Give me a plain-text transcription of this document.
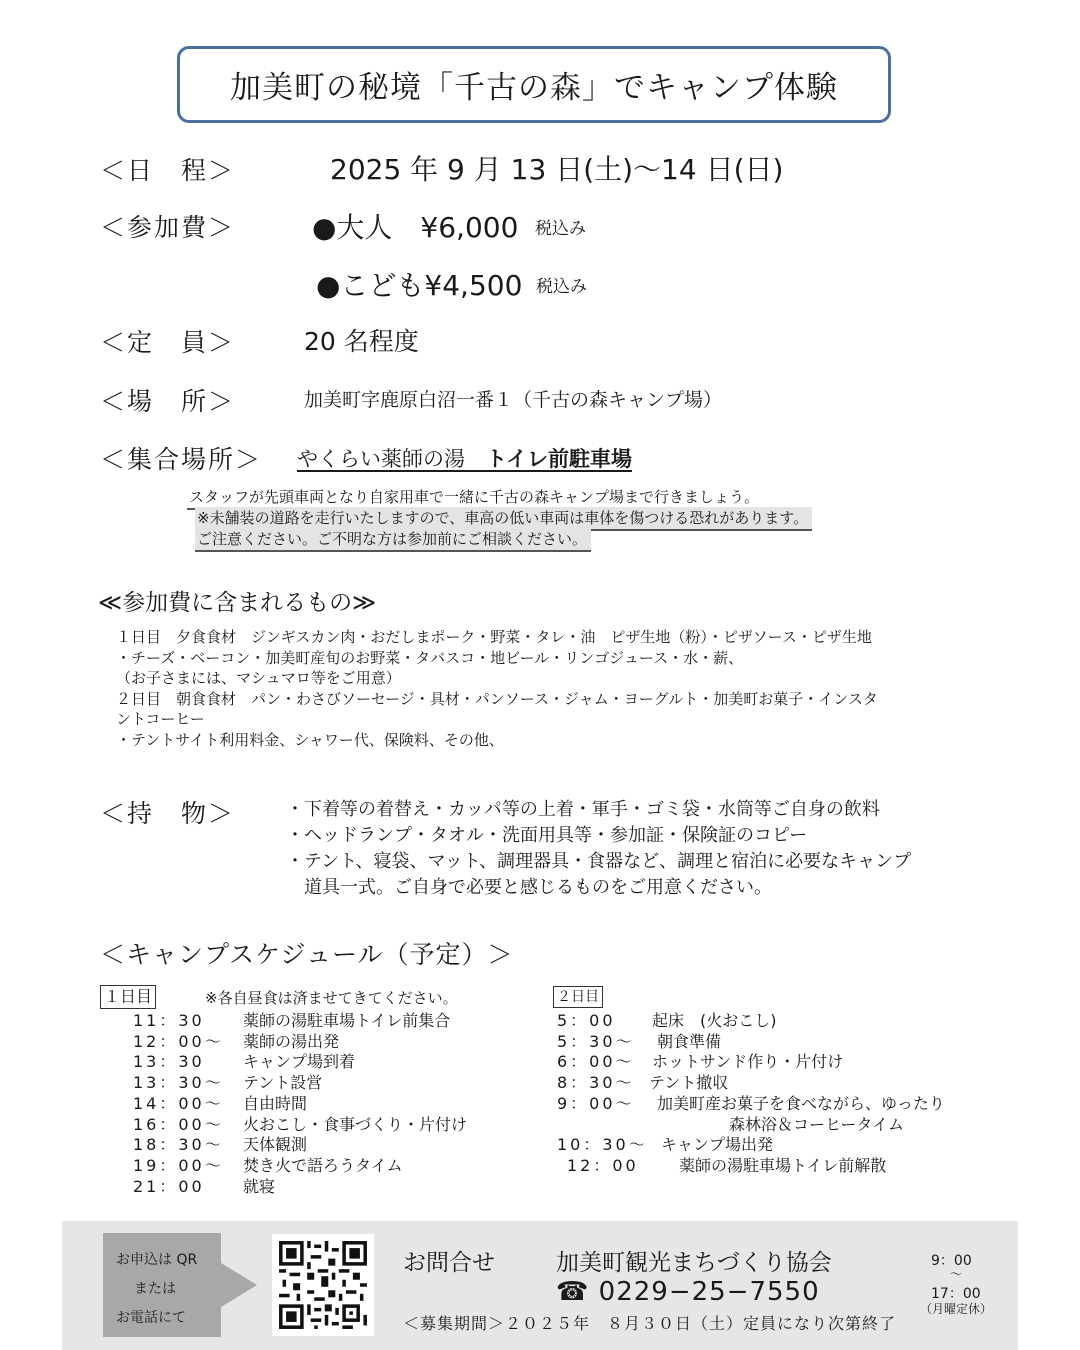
加美町の秘境「千古の森」でキャンプ体験
＜日　程＞	2025 年 9 月 13 日(土)〜14 日(日)
＜参加費＞	●大人　¥6,000 税込み
●こども¥4,500 税込み
＜定　員＞	20 名程度
＜場　所＞	加美町字鹿原白沼一番１（千古の森キャンプ場）
＜集合場所＞ やくらい薬師の湯　 トイレ前駐車場
スタッフが先頭車両となり自家用車で一緒に千古の森キャンプ場まで行きましょう。
※未舗装の道路を走行いたしますので、車高の低い車両は車体を傷つける恐れがあります。
ご注意ください。ご不明な方は参加前にご相談ください。
≪参加費に含まれるもの≫
１日目　夕食食材　ジンギスカン肉・おだしまポーク・野菜・タレ・油　ピザ生地（粉）・ピザソース・ピザ生地
・チーズ・ベーコン・加美町産旬のお野菜・タバスコ・地ビール・リンゴジュース・水・薪、
（お子さまには、マシュマロ等をご用意）
２日目　朝食食材　パン・わさびソーセージ・具材・パンソース・ジャム・ヨーグルト・加美町お菓子・インスタ
ントコーヒー
・テントサイト利用料金、シャワー代、保険料、その他、
＜持　物＞	・下着等の着替え・カッパ等の上着・軍手・ゴミ袋・水筒等ご自身の飲料
・ヘッドランプ・タオル・洗面用具等・参加証・保険証のコピー
・テント、寝袋、マット、調理器具・食器など、調理と宿泊に必要なキャンプ
　道具一式。ご自身で必要と感じるものをご用意ください。
＜キャンプスケジュール（予定）＞
１日目	※各自昼食は済ませてきてください。
11：30	薬師の湯駐車場トイレ前集合
12：00〜	薬師の湯出発
13：30	キャンプ場到着
13：30〜	テント設営
14：00〜	自由時間
16：00〜	火おこし・食事づくり・片付け
18：30〜	天体観測
19：00〜	焚き火で語ろうタイム
21：00	就寝
２日目
5：00	起床　(火おこし)
5：30〜	朝食準備
6：00〜	ホットサンド作り・片付け
8：30〜 テント撤収
9：00〜	加美町産お菓子を食べながら、ゆったり
森林浴＆コーヒータイム
10：30〜 キャンプ場出発
12：00	薬師の湯駐車場トイレ前解散
お申込は QR
または
お電話にて
お問合せ	加美町観光まちづくり協会
☎ 0229−25−7550
＜募集期間＞２０２５年　８月３０日（土）定員になり次第終了
9：00
〜
17：00
（月曜定休）
